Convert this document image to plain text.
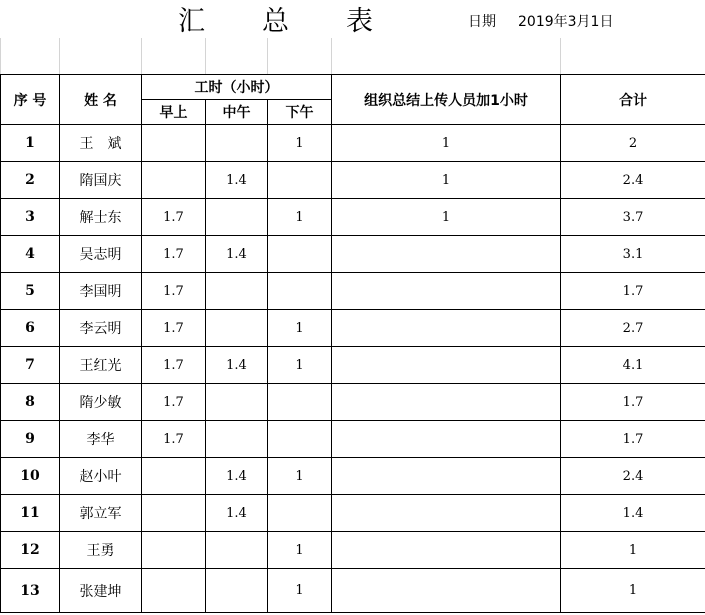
汇 总 表	日期 2019年3月1日

序 号	姓 名	工时（小时）			组织总结上传人员加1小时	合计
		早上	中午	下午		
1	王　斌			1	1	2
2	隋国庆		1.4		1	2.4
3	解士东	1.7		1	1	3.7
4	吴志明	1.7	1.4			3.1
5	李国明	1.7				1.7
6	李云明	1.7		1		2.7
7	王红光	1.7	1.4	1		4.1
8	隋少敏	1.7				1.7
9	李华	1.7				1.7
10	赵小叶		1.4	1		2.4
11	郭立军		1.4			1.4
12	王勇			1		1
13	张建坤			1		1
